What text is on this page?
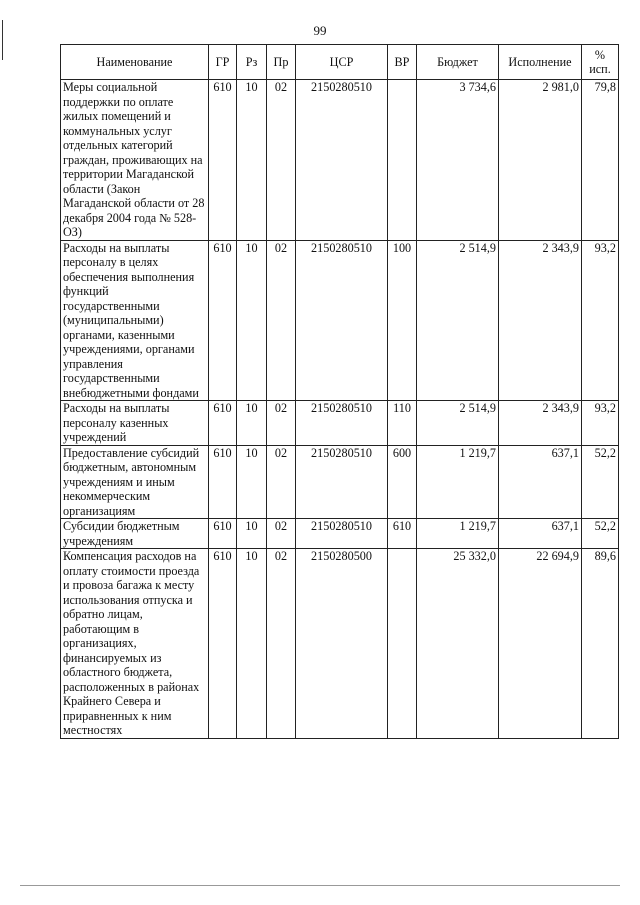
99
Наименование	ГР	Рз	Пр	ЦСР	ВР	Бюджет	Исполнение	% исп.
Меры социальной поддержки по оплате жилых помещений и коммунальных услуг отдельных категорий граждан, проживающих на территории Магаданской области (Закон Магаданской области от 28 декабря 2004 года № 528-ОЗ)	610	10	02	2150280510		3 734,6	2 981,0	79,8
Расходы на выплаты персоналу в целях обеспечения выполнения функций государственными (муниципальными) органами, казенными учреждениями, органами управления государственными внебюджетными фондами	610	10	02	2150280510	100	2 514,9	2 343,9	93,2
Расходы на выплаты персоналу казенных учреждений	610	10	02	2150280510	110	2 514,9	2 343,9	93,2
Предоставление субсидий бюджетным, автономным учреждениям и иным некоммерческим организациям	610	10	02	2150280510	600	1 219,7	637,1	52,2
Субсидии бюджетным учреждениям	610	10	02	2150280510	610	1 219,7	637,1	52,2
Компенсация расходов на оплату стоимости проезда и провоза багажа к месту использования отпуска и обратно лицам, работающим в организациях, финансируемых из областного бюджета, расположенных в районах Крайнего Севера и приравненных к ним местностях	610	10	02	2150280500		25 332,0	22 694,9	89,6
